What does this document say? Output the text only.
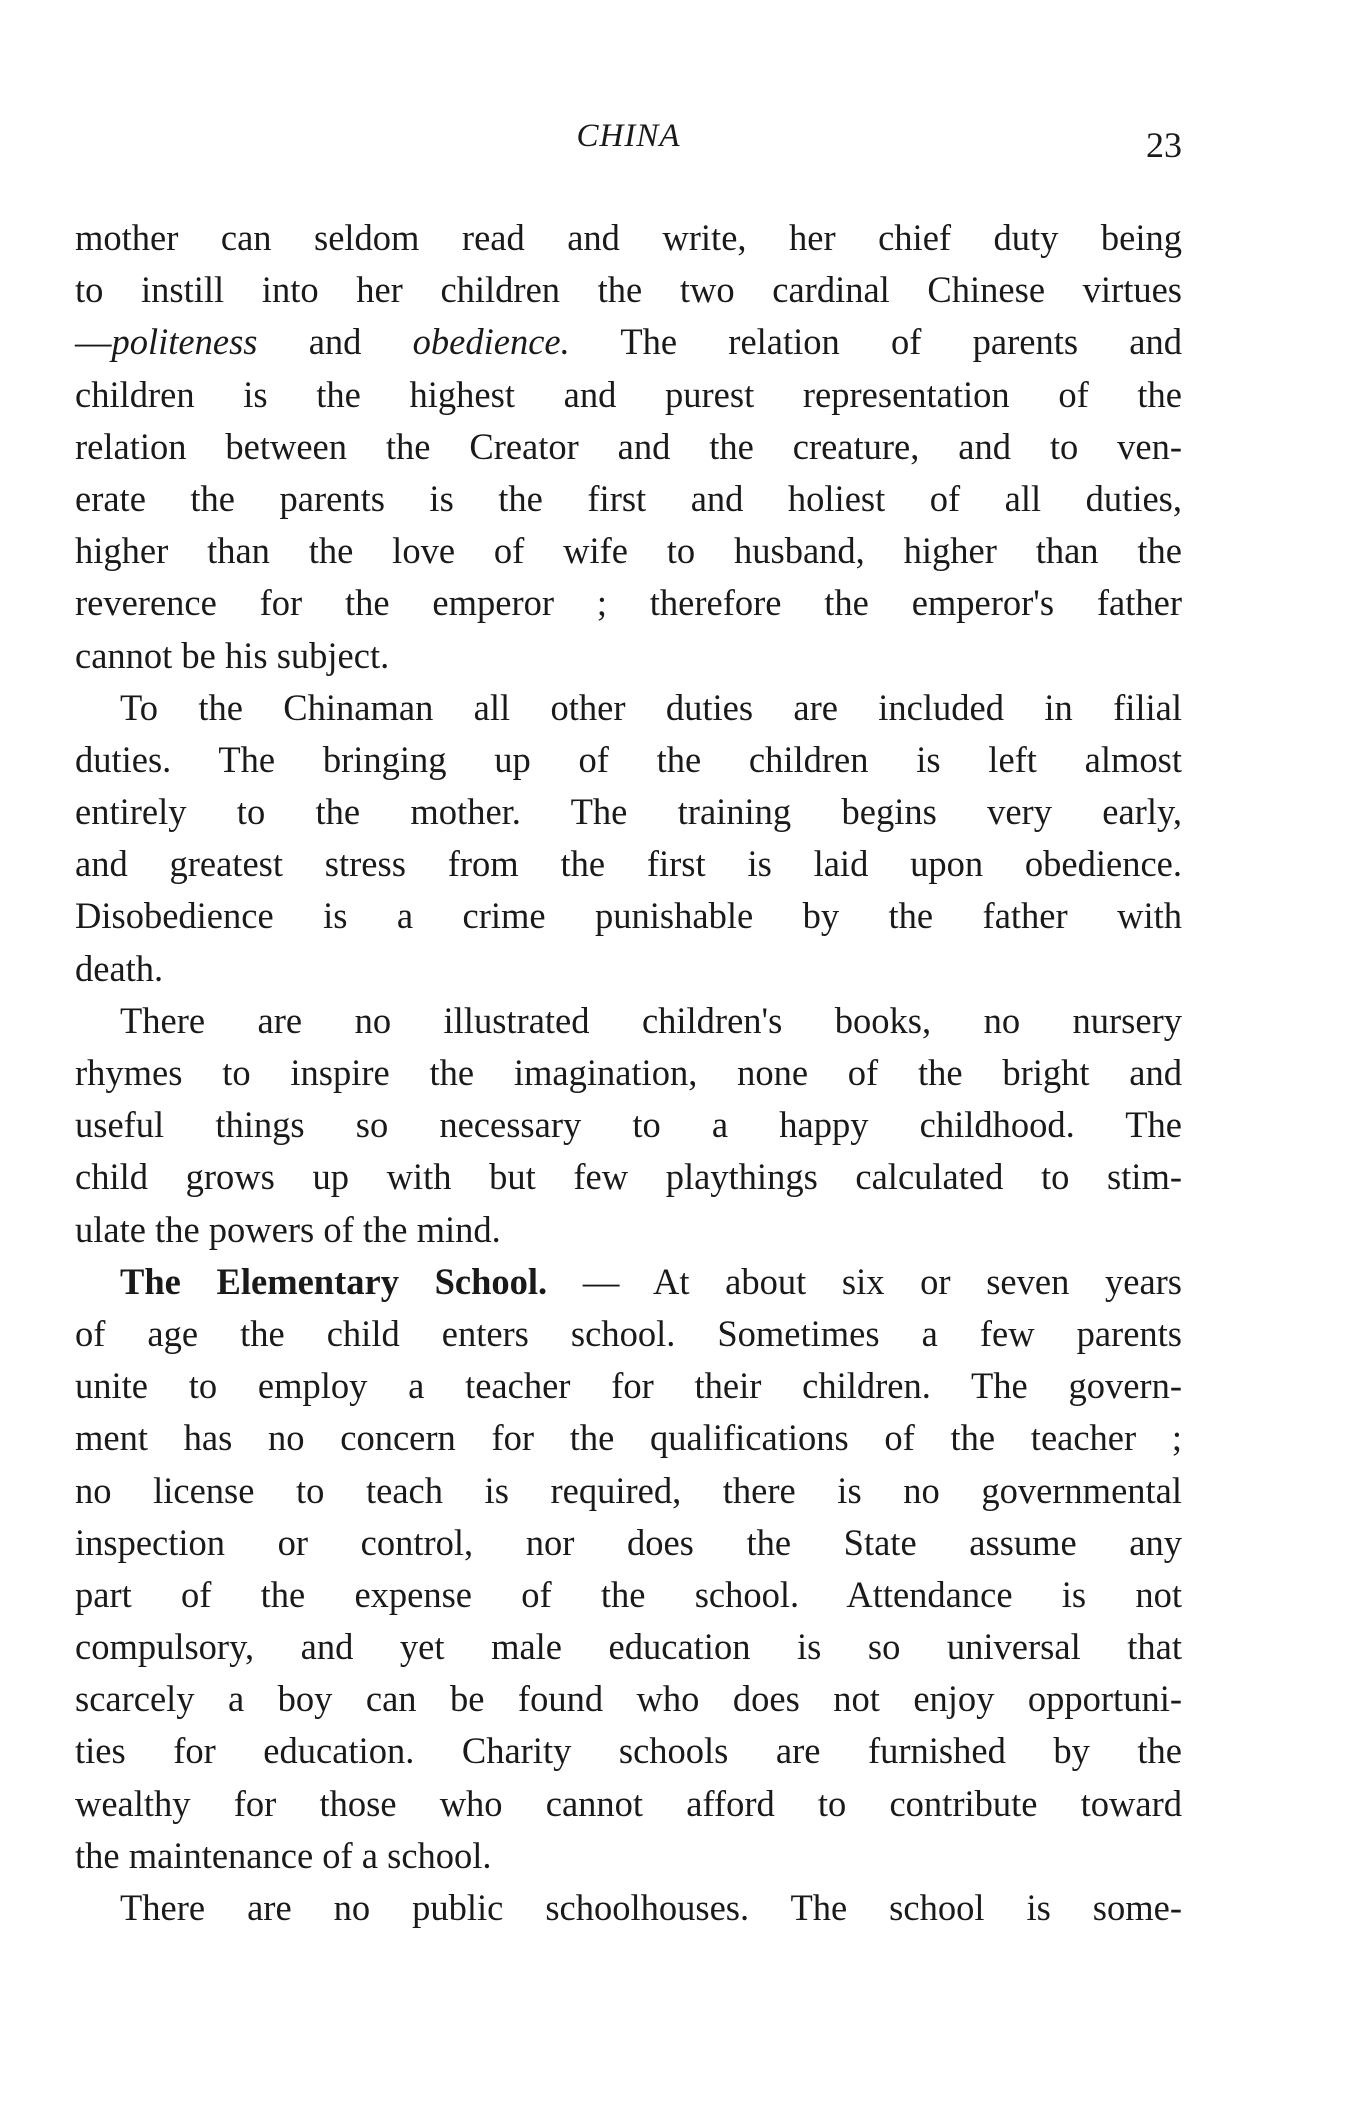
CHINA	23
mother can seldom read and write, her chief duty being
to instill into her children the two cardinal Chinese virtues
—politeness and obedience. The relation of parents and
children is the highest and purest representation of the
relation between the Creator and the creature, and to ven-
erate the parents is the first and holiest of all duties,
higher than the love of wife to husband, higher than the
reverence for the emperor ; therefore the emperor's father
cannot be his subject.
To the Chinaman all other duties are included in filial
duties. The bringing up of the children is left almost
entirely to the mother. The training begins very early,
and greatest stress from the first is laid upon obedience.
Disobedience is a crime punishable by the father with
death.
There are no illustrated children's books, no nursery
rhymes to inspire the imagination, none of the bright and
useful things so necessary to a happy childhood. The
child grows up with but few playthings calculated to stim-
ulate the powers of the mind.
The Elementary School. — At about six or seven years
of age the child enters school. Sometimes a few parents
unite to employ a teacher for their children. The govern-
ment has no concern for the qualifications of the teacher ;
no license to teach is required, there is no governmental
inspection or control, nor does the State assume any
part of the expense of the school. Attendance is not
compulsory, and yet male education is so universal that
scarcely a boy can be found who does not enjoy opportuni-
ties for education. Charity schools are furnished by the
wealthy for those who cannot afford to contribute toward
the maintenance of a school.
There are no public schoolhouses. The school is some-
